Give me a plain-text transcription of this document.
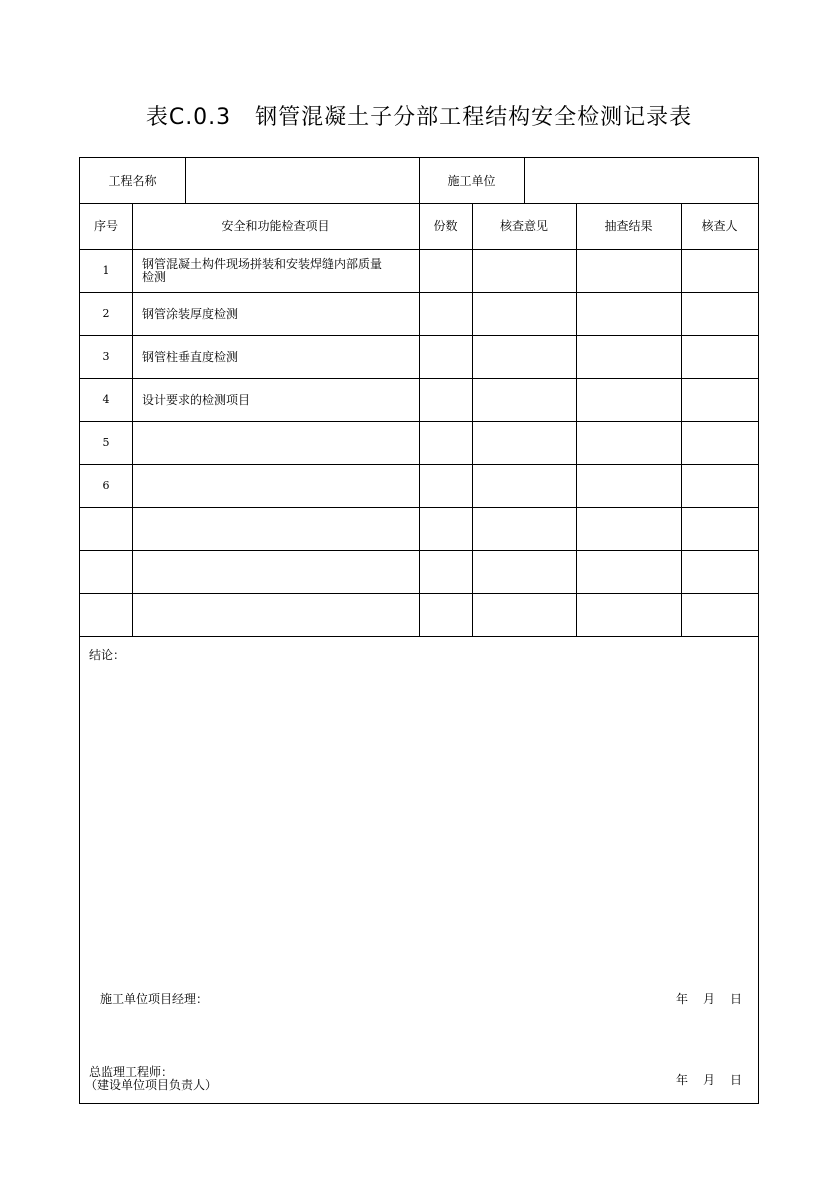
表C.0.3   钢管混凝土子分部工程结构安全检测记录表
工程名称	施工单位
序号	安全和功能检查项目	份数	核查意见	抽查结果	核查人
1	钢管混凝土构件现场拼装和安装焊缝内部质量
检测
2	钢管涂装厚度检测
3	钢管柱垂直度检测
4	设计要求的检测项目
5
6
结论：
施工单位项目经理：	年 月 日
总监理工程师：
（建设单位项目负责人）	年 月 日
